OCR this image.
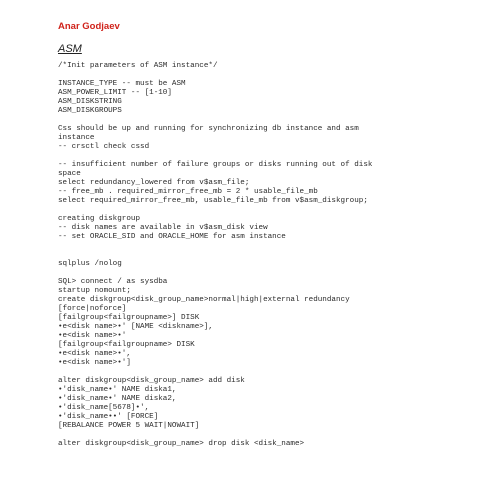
Anar Godjaev
ASM
/*Init parameters of ASM instance*/
INSTANCE_TYPE -- must be ASM
ASM_POWER_LIMIT -- [1-10]
ASM_DISKSTRING
ASM_DISKGROUPS
Css should be up and running for synchronizing db instance and asm
instance
-- crsctl check cssd
-- insufficient number of failure groups or disks running out of disk
space
select redundancy_lowered from v$asm_file;
-- free_mb . required_mirror_free_mb = 2 * usable_file_mb
select required_mirror_free_mb, usable_file_mb from v$asm_diskgroup;
creating diskgroup
-- disk names are available in v$asm_disk view
-- set ORACLE_SID and ORACLE_HOME for asm instance
sqlplus /nolog
SQL> connect / as sysdba
startup nomount;
create diskgroup<disk_group_name>normal|high|external redundancy
[force|noforce]
[failgroup<failgroupname>] DISK
•e<disk name>•' [NAME <diskname>],
•e<disk name>•'
[failgroup<failgroupname> DISK
•e<disk name>•',
•e<disk name>•']
alter diskgroup<disk_group_name> add disk
•'disk_name•' NAME diska1,
•'disk_name•' NAME diska2,
•'disk_name[5678]•',
•'disk_name••' [FORCE]
[REBALANCE POWER 5 WAIT|NOWAIT]
alter diskgroup<disk_group_name> drop disk <disk_name>
